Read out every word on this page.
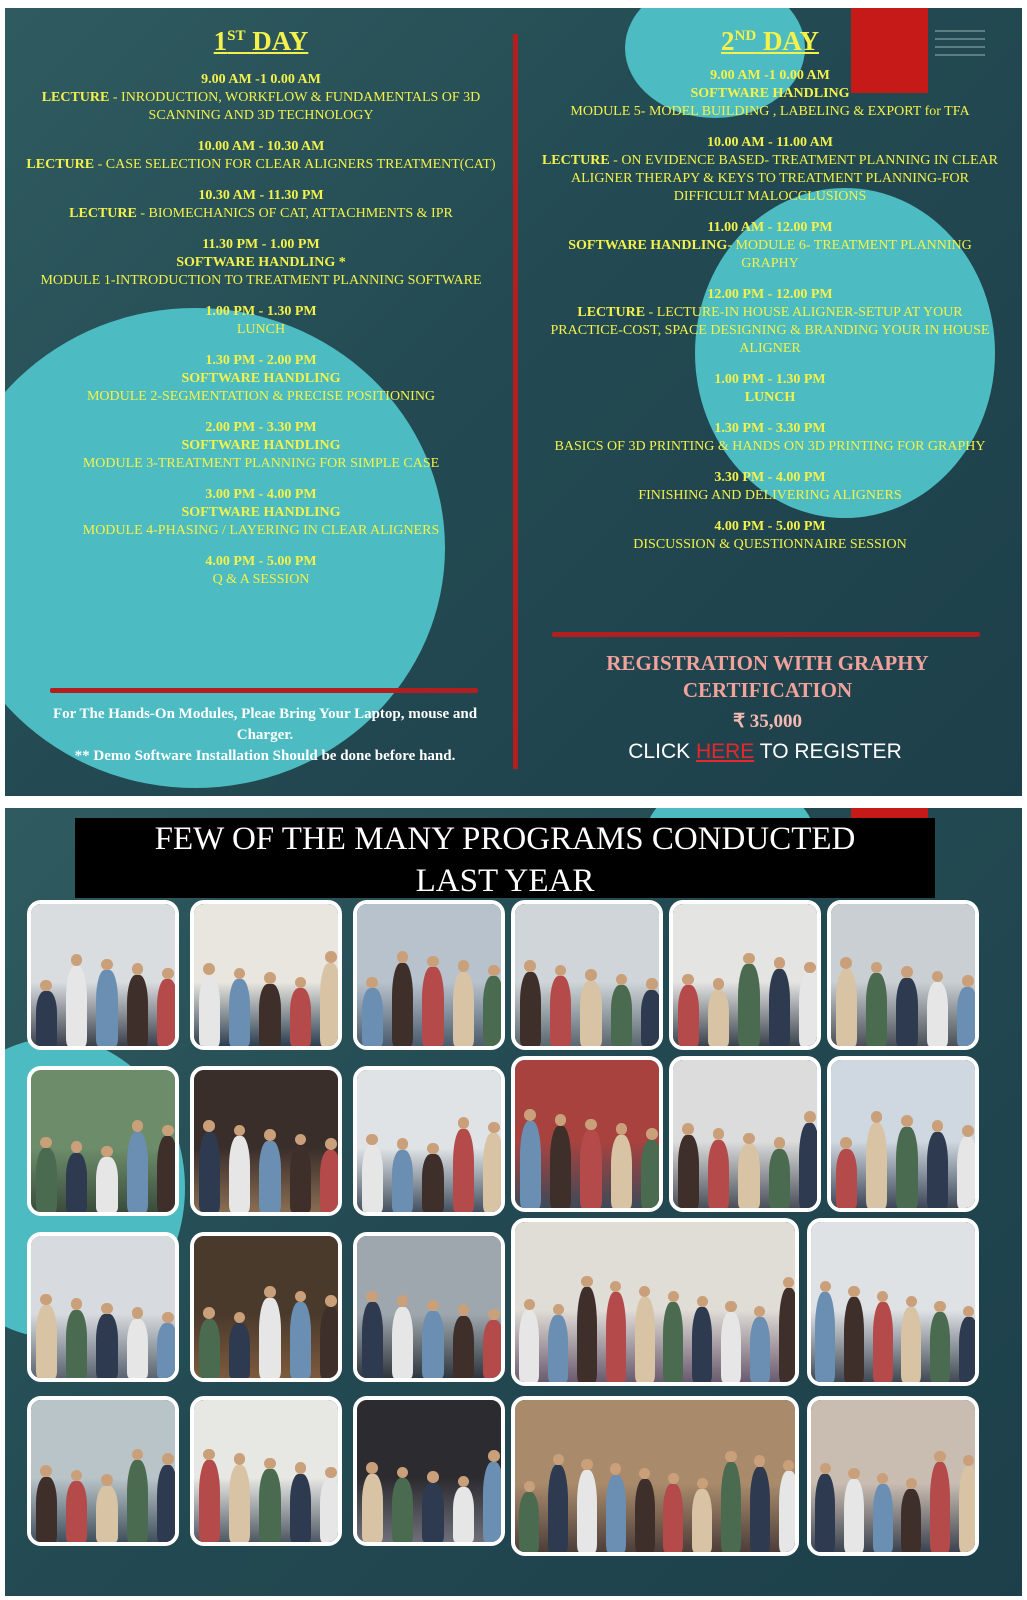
1ST DAY
9.00 AM -1 0.00 AM
LECTURE - INRODUCTION, WORKFLOW & FUNDAMENTALS OF 3D SCANNING AND 3D TECHNOLOGY
10.00 AM - 10.30 AM
LECTURE - CASE SELECTION FOR CLEAR ALIGNERS TREATMENT(CAT)
10.30 AM - 11.30 PM
LECTURE - BIOMECHANICS OF CAT, ATTACHMENTS & IPR
11.30 PM - 1.00 PM
SOFTWARE HANDLING *
MODULE 1-INTRODUCTION TO TREATMENT PLANNING SOFTWARE
1.00 PM - 1.30 PM
LUNCH
1.30 PM - 2.00 PM
SOFTWARE HANDLING
MODULE 2-SEGMENTATION & PRECISE POSITIONING
2.00 PM - 3.30 PM
SOFTWARE HANDLING
MODULE 3-TREATMENT PLANNING FOR SIMPLE CASE
3.00 PM - 4.00 PM
SOFTWARE HANDLING
MODULE 4-PHASING / LAYERING IN CLEAR ALIGNERS
4.00 PM - 5.00 PM
Q & A SESSION
For The Hands-On Modules, Pleae Bring Your Laptop, mouse and Charger.
** Demo Software Installation Should be done before hand.
2ND DAY
9.00 AM -1 0.00 AM
SOFTWARE HANDLING
MODULE 5- MODEL BUILDING , LABELING & EXPORT for TFA
10.00 AM - 11.00 AM
LECTURE - ON EVIDENCE BASED- TREATMENT PLANNING IN CLEAR ALIGNER THERAPY & KEYS TO TREATMENT PLANNING-FOR DIFFICULT MALOCCLUSIONS
11.00 AM - 12.00 PM
SOFTWARE HANDLING- MODULE 6- TREATMENT PLANNING GRAPHY
12.00 PM - 12.00 PM
LECTURE - LECTURE-IN HOUSE ALIGNER-SETUP AT YOUR PRACTICE-COST, SPACE DESIGNING & BRANDING YOUR IN HOUSE ALIGNER
1.00 PM - 1.30 PM
LUNCH
1.30 PM - 3.30 PM
BASICS OF 3D PRINTING & HANDS ON 3D PRINTING FOR GRAPHY
3.30 PM - 4.00 PM
FINISHING AND DELIVERING ALIGNERS
4.00 PM - 5.00 PM
DISCUSSION & QUESTIONNAIRE SESSION
REGISTRATION WITH GRAPHY CERTIFICATION
₹ 35,000
CLICK HERE TO REGISTER
FEW OF THE MANY PROGRAMS CONDUCTED
LAST YEAR
